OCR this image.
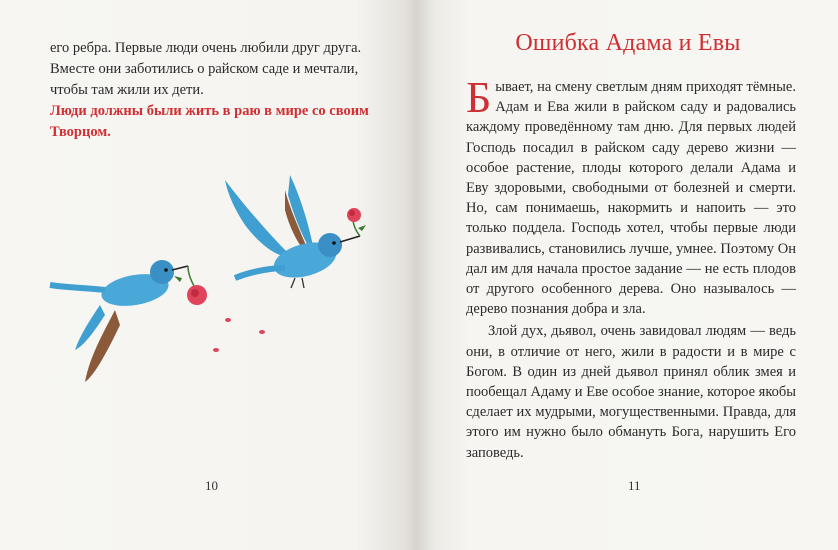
его ребра. Первые люди очень любили друг друга. Вместе они заботились о райском саде и мечтали, чтобы там жили их дети.

Люди должны были жить в раю в мире со своим Творцом.

10
Ошибка Адама и Евы

Бывает, на смену светлым дням приходят тёмные. Адам и Ева жили в райском саду и радовались каждому проведённому там дню. Для первых людей Господь посадил в райском саду дерево жизни — особое растение, плоды которого делали Адама и Еву здоровыми, свободными от болезней и смерти. Но, сам понимаешь, накормить и напоить — это только поддела. Господь хотел, чтобы первые люди развивались, становились лучше, умнее. Поэтому Он дал им для начала простое задание — не есть плодов от другого особенного дерева. Оно называлось — дерево познания добра и зла.

Злой дух, дьявол, очень завидовал людям — ведь они, в отличие от него, жили в радости и в мире с Богом. В один из дней дьявол принял облик змея и пообещал Адаму и Еве особое знание, которое якобы сделает их мудрыми, могущественными. Правда, для этого им нужно было обмануть Бога, нарушить Его заповедь.

11
